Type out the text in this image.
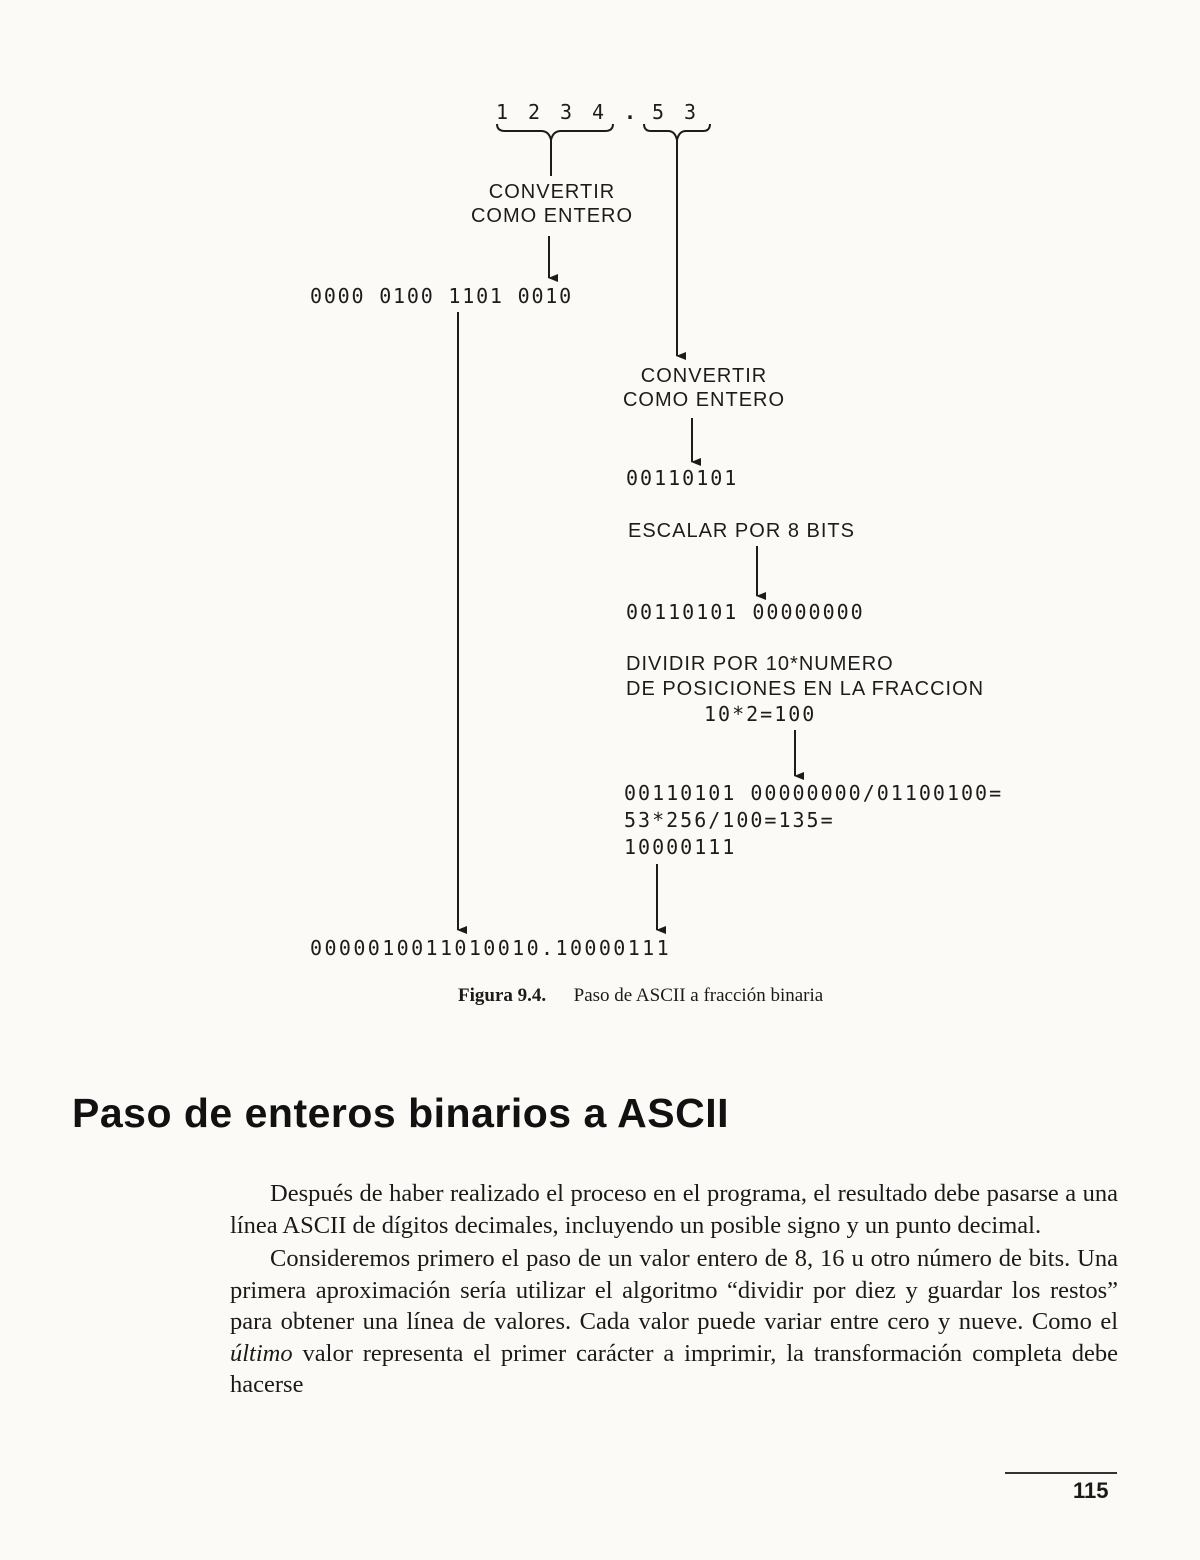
1 2 3 4 . 5 3
CONVERTIR
COMO ENTERO
0000 0100 1101 0010
CONVERTIR
COMO ENTERO
00110101
ESCALAR POR 8 BITS
00110101 00000000
DIVIDIR POR 10*NUMERO
DE POSICIONES EN LA FRACCION
10*2=100
00110101 00000000/01100100=
53*256/100=135=
10000111
0000010011010010.10000111
Figura 9.4. Paso de ASCII a fracción binaria
Paso de enteros binarios a ASCII

Después de haber realizado el proceso en el programa, el resultado debe pasarse a una línea ASCII de dígitos decimales, incluyendo un posible signo y un punto decimal.

Consideremos primero el paso de un valor entero de 8, 16 u otro número de bits. Una primera aproximación sería utilizar el algoritmo “dividir por diez y guardar los restos” para obtener una línea de valores. Cada valor puede variar entre cero y nueve. Como el último valor representa el primer carácter a imprimir, la transformación completa debe hacerse

115
